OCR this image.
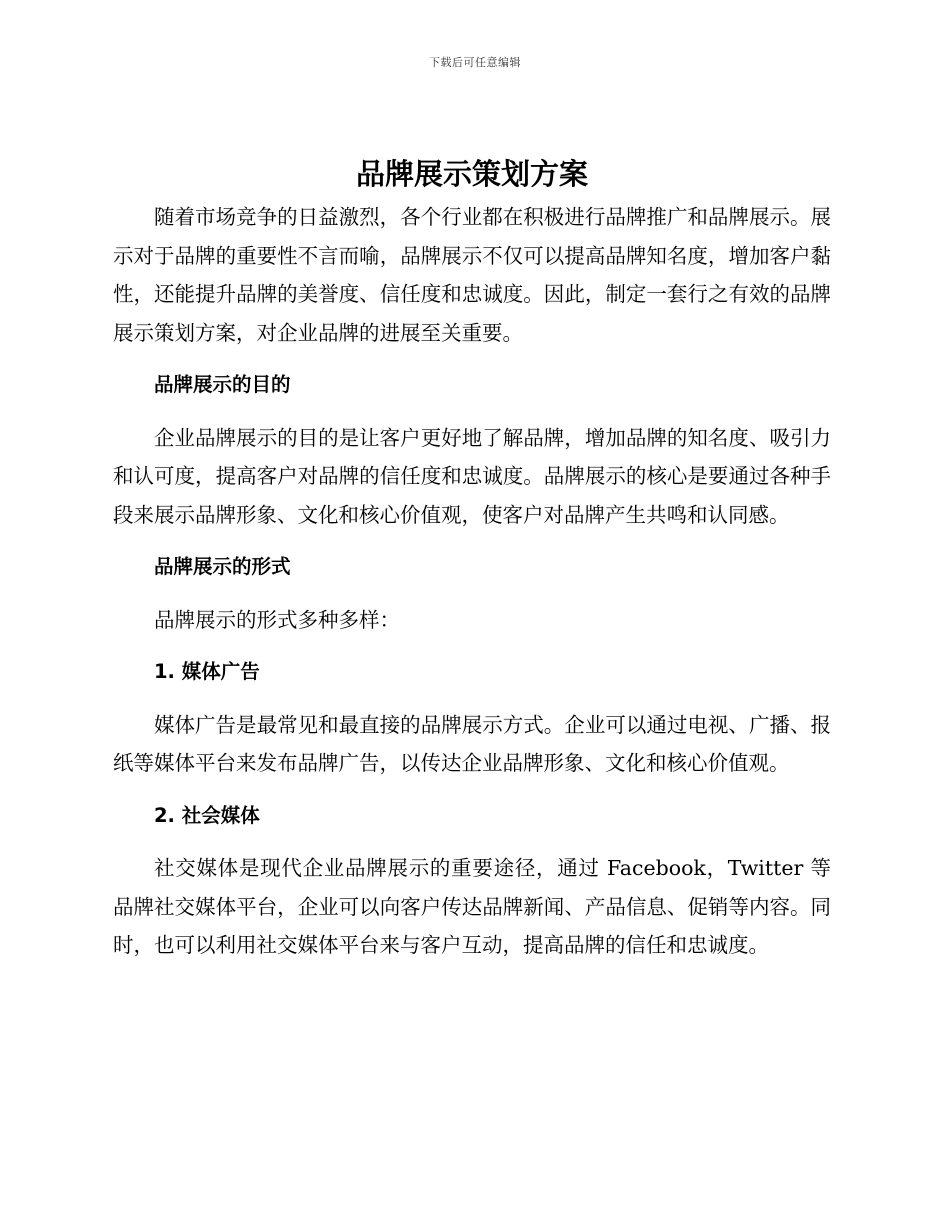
下载后可任意编辑
品牌展示策划方案

随着市场竞争的日益激烈，各个行业都在积极进行品牌推广和品牌展示。展示对于品牌的重要性不言而喻，品牌展示不仅可以提高品牌知名度，增加客户黏性，还能提升品牌的美誉度、信任度和忠诚度。因此，制定一套行之有效的品牌展示策划方案，对企业品牌的进展至关重要。

品牌展示的目的

企业品牌展示的目的是让客户更好地了解品牌，增加品牌的知名度、吸引力和认可度，提高客户对品牌的信任度和忠诚度。品牌展示的核心是要通过各种手段来展示品牌形象、文化和核心价值观，使客户对品牌产生共鸣和认同感。

品牌展示的形式

品牌展示的形式多种多样：

1. 媒体广告

媒体广告是最常见和最直接的品牌展示方式。企业可以通过电视、广播、报纸等媒体平台来发布品牌广告，以传达企业品牌形象、文化和核心价值观。

2. 社会媒体

社交媒体是现代企业品牌展示的重要途径，通过 Facebook，Twitter 等品牌社交媒体平台，企业可以向客户传达品牌新闻、产品信息、促销等内容。同时，也可以利用社交媒体平台来与客户互动，提高品牌的信任和忠诚度。
